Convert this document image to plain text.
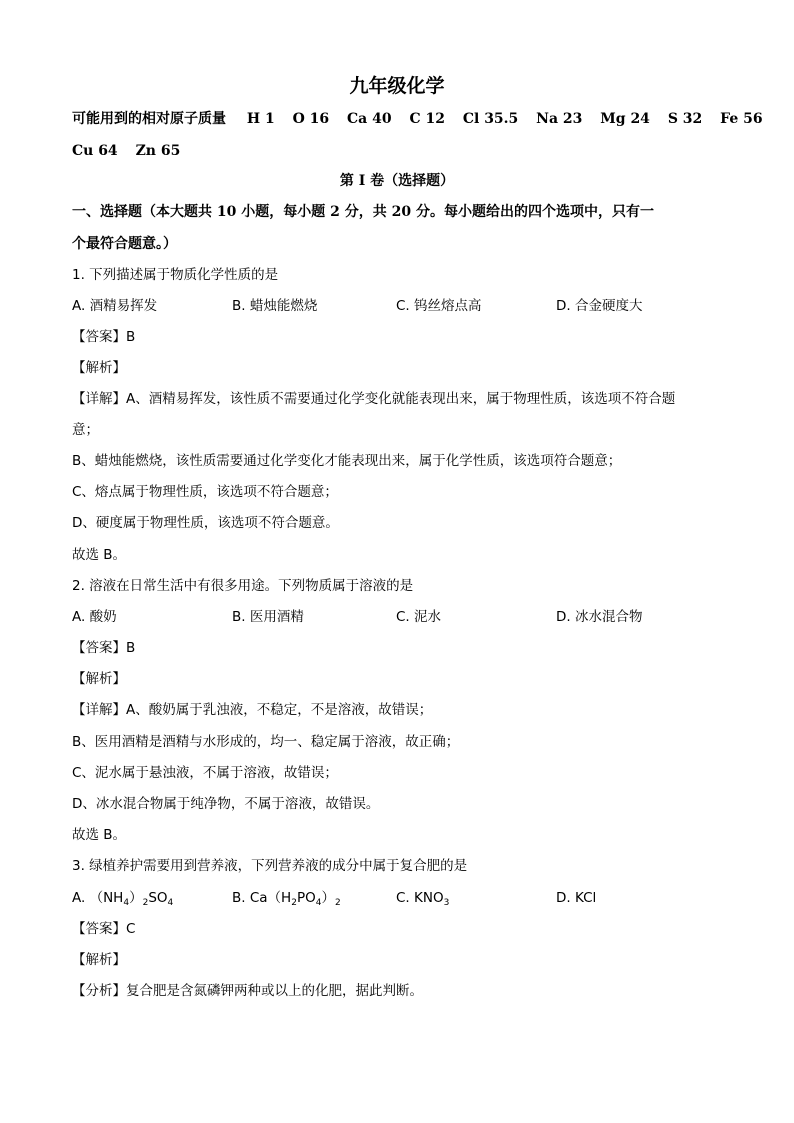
九年级化学
可能用到的相对原子质量 H 1 O 16 Ca 40 C 12 Cl 35.5 Na 23 Mg 24 S 32 Fe 56
Cu 64 Zn 65
第 I 卷（选择题）
一、选择题（本大题共 10 小题，每小题 2 分，共 20 分。每小题给出的四个选项中，只有一
个最符合题意。）
1. 下列描述属于物质化学性质的是
A. 酒精易挥发	B. 蜡烛能燃烧	C. 钨丝熔点高	D. 合金硬度大
【答案】B
【解析】
【详解】A、酒精易挥发，该性质不需要通过化学变化就能表现出来，属于物理性质，该选项不符合题
意；
B、蜡烛能燃烧，该性质需要通过化学变化才能表现出来，属于化学性质，该选项符合题意；
C、熔点属于物理性质，该选项不符合题意；
D、硬度属于物理性质，该选项不符合题意。
故选 B。
2. 溶液在日常生活中有很多用途。下列物质属于溶液的是
A. 酸奶	B. 医用酒精	C. 泥水	D. 冰水混合物
【答案】B
【解析】
【详解】A、酸奶属于乳浊液，不稳定，不是溶液，故错误；
B、医用酒精是酒精与水形成的，均一、稳定属于溶液，故正确；
C、泥水属于悬浊液，不属于溶液，故错误；
D、冰水混合物属于纯净物，不属于溶液，故错误。
故选 B。
3. 绿植养护需要用到营养液，下列营养液的成分中属于复合肥的是
A. $(NH_4)_2SO_4$	B. $Ca(H_2PO_4)_2$	C. $KNO_3$	D. KCl
【答案】C
【解析】
【分析】复合肥是含氮磷钾两种或以上的化肥，据此判断。
